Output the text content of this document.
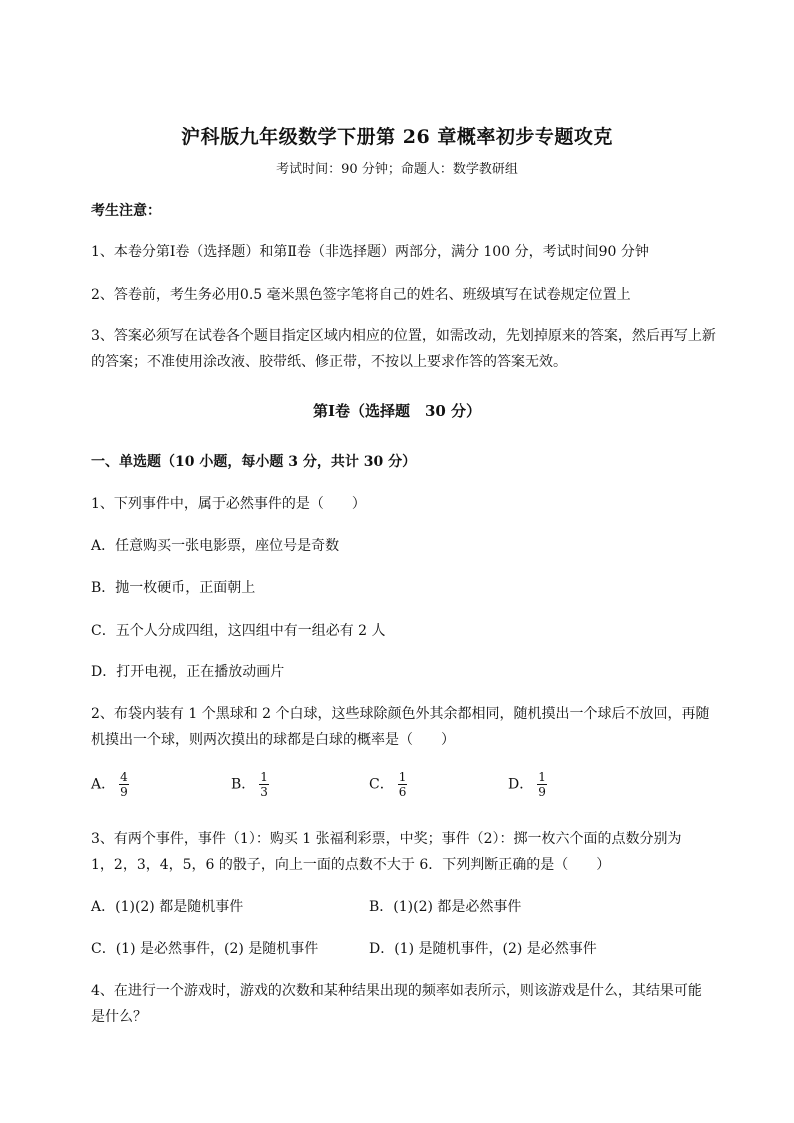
沪科版九年级数学下册第 26 章概率初步专题攻克
考试时间：90 分钟；命题人：数学教研组
考生注意：
1、本卷分第Ⅰ卷（选择题）和第Ⅱ卷（非选择题）两部分，满分 100 分，考试时间90 分钟
2、答卷前，考生务必用0.5 毫米黑色签字笔将自己的姓名、班级填写在试卷规定位置上
3、答案必须写在试卷各个题目指定区域内相应的位置，如需改动，先划掉原来的答案，然后再写上新
的答案；不准使用涂改液、胶带纸、修正带，不按以上要求作答的答案无效。
第Ⅰ卷（选择题　30 分）
一、单选题（10 小题，每小题 3 分，共计 30 分）
1、下列事件中，属于必然事件的是（　　）
A．任意购买一张电影票，座位号是奇数
B．抛一枚硬币，正面朝上
C．五个人分成四组，这四组中有一组必有 2 人
D．打开电视，正在播放动画片
2、布袋内装有 1 个黑球和 2 个白球，这些球除颜色外其余都相同，随机摸出一个球后不放回，再随
机摸出一个球，则两次摸出的球都是白球的概率是（　　）
A． $\frac{4}{9}$	B． $\frac{1}{3}$	C． $\frac{1}{6}$	D． $\frac{1}{9}$
3、有两个事件，事件（1）：购买 1 张福利彩票，中奖；事件（2）：掷一枚六个面的点数分别为
1，2，3，4，5，6 的骰子，向上一面的点数不大于 6．下列判断正确的是（　　）
A．(1)(2) 都是随机事件	B．(1)(2) 都是必然事件
C．(1) 是必然事件，(2) 是随机事件	D．(1) 是随机事件，(2) 是必然事件
4、在进行一个游戏时，游戏的次数和某种结果出现的频率如表所示，则该游戏是什么，其结果可能
是什么？
